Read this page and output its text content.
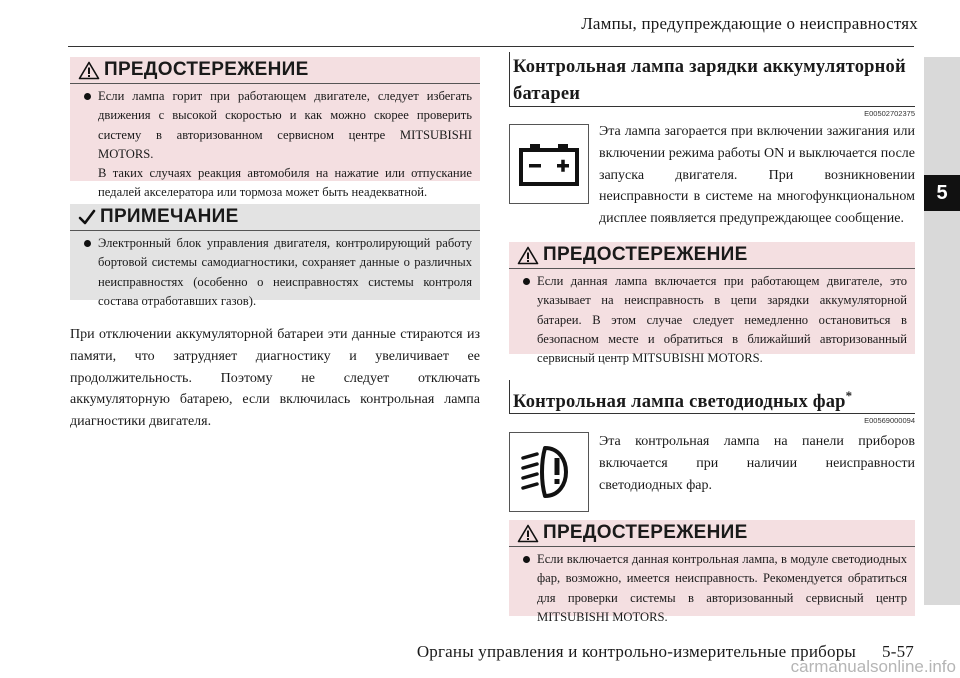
Лампы, предупреждающие о неисправностях
5
ПРЕДОСТЕРЕЖЕНИЕ
Если лампа горит при работающем двигателе, следует избегать движения с высокой скоростью и как можно скорее проверить систему в авторизованном сервисном центре MITSUBISHI MOTORS.
В таких случаях реакция автомобиля на нажатие или отпускание педалей акселератора или тормоза может быть неадекватной.
ПРИМЕЧАНИЕ
Электронный блок управления двигателя, контролирующий работу бортовой системы самодиагностики, сохраняет данные о различных неисправностях (особенно о неисправностях системы контроля состава отработавших газов).
При отключении аккумуляторной батареи эти данные стираются из памяти, что затрудняет диагностику и увеличивает ее продолжительность. Поэтому не следует отключать аккумуляторную батарею, если включилась контрольная лампа диагностики двигателя.
Контрольная лампа зарядки аккумуляторной батареи
E00502702375
Эта лампа загорается при включении зажигания или включении режима работы ON и выключается после запуска двигателя. При возникновении неисправности в системе на многофункциональном дисплее появляется предупреждающее сообщение.
ПРЕДОСТЕРЕЖЕНИЕ
Если данная лампа включается при работающем двигателе, это указывает на неисправность в цепи зарядки аккумуляторной батареи. В этом случае следует немедленно остановиться в безопасном месте и обратиться в ближайший авторизованный сервисный центр MITSUBISHI MOTORS.
Контрольная лампа светодиодных фар*
E00569000094
Эта контрольная лампа на панели приборов включается при наличии неисправности светодиодных фар.
ПРЕДОСТЕРЕЖЕНИЕ
Если включается данная контрольная лампа, в модуле светодиодных фар, возможно, имеется неисправность. Рекомендуется обратиться для проверки системы в авторизованный сервисный центр MITSUBISHI MOTORS.
Органы управления и контрольно-измерительные приборы 5-57
carmanualsonline.info
